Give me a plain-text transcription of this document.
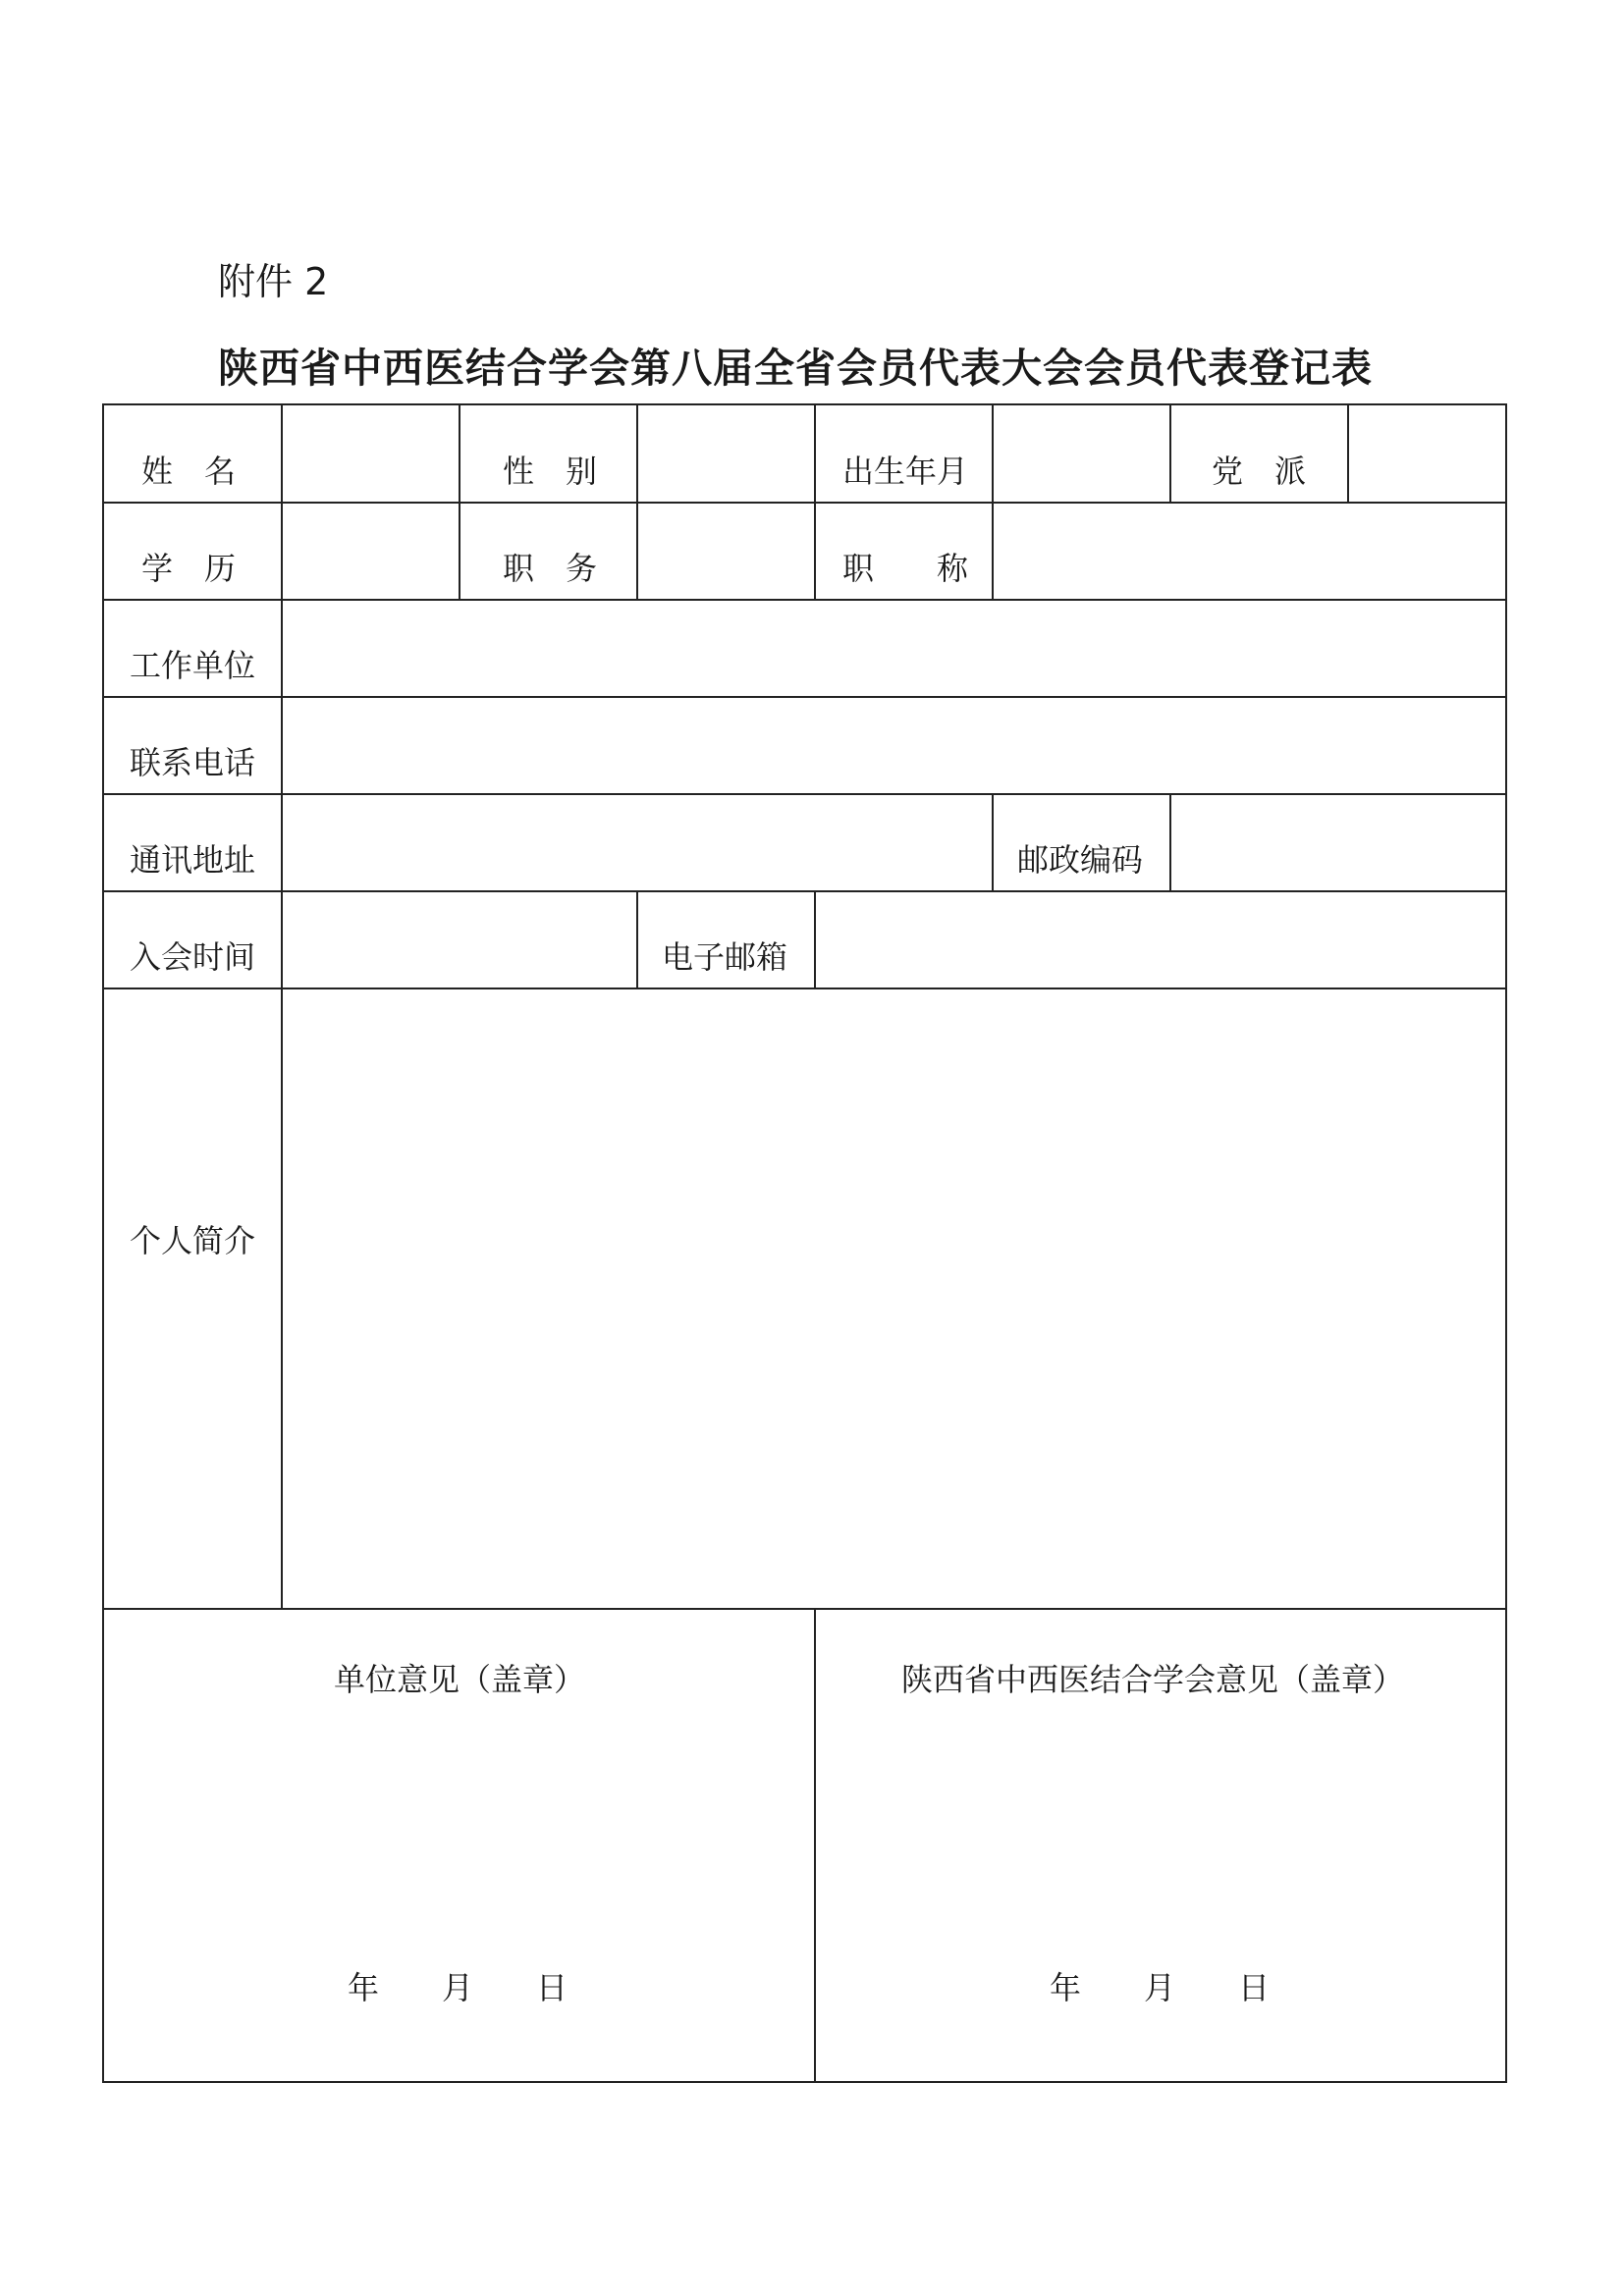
附件 2
陕西省中西医结合学会第八届全省会员代表大会会员代表登记表
姓　名	性　别	出生年月	党　派
学　历	职　务	职　　称
工作单位
联系电话
通讯地址	邮政编码
入会时间	电子邮箱
个人简介
单位意见（盖章）	陕西省中西医结合学会意见（盖章）
年　　月　　日	年　　月　　日
